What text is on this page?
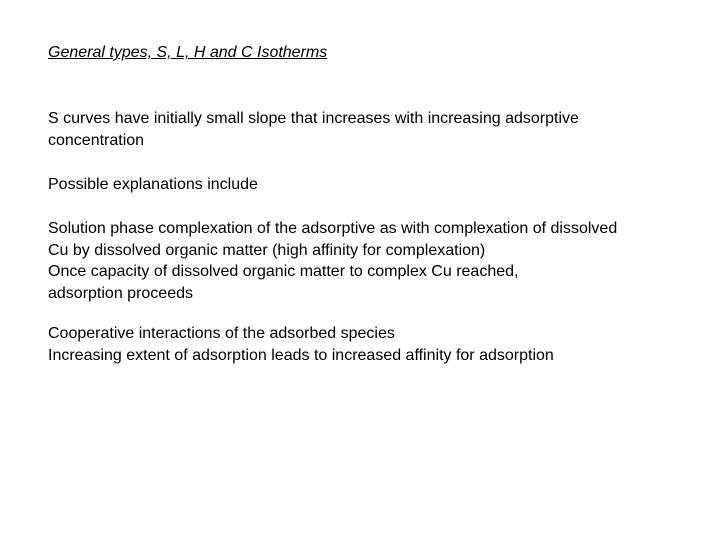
General types, S, L, H and C Isotherms
S curves have initially small slope that increases with increasing adsorptive
concentration
Possible explanations include
Solution phase complexation of the adsorptive as with complexation of dissolved
Cu by dissolved organic matter (high affinity for complexation)
Once capacity of dissolved organic matter to complex Cu reached,
adsorption proceeds
Cooperative interactions of the adsorbed species
Increasing extent of adsorption leads to increased affinity for adsorption
